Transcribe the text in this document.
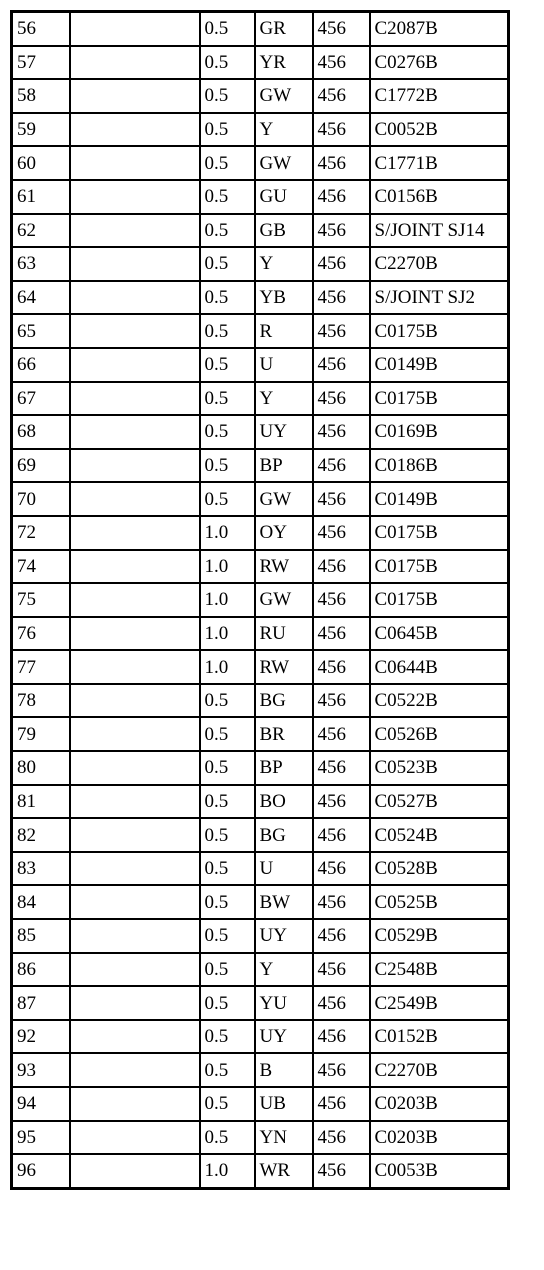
56		0.5	GR	456	C2087B
57		0.5	YR	456	C0276B
58		0.5	GW	456	C1772B
59		0.5	Y	456	C0052B
60		0.5	GW	456	C1771B
61		0.5	GU	456	C0156B
62		0.5	GB	456	S/JOINT SJ14
63		0.5	Y	456	C2270B
64		0.5	YB	456	S/JOINT SJ2
65		0.5	R	456	C0175B
66		0.5	U	456	C0149B
67		0.5	Y	456	C0175B
68		0.5	UY	456	C0169B
69		0.5	BP	456	C0186B
70		0.5	GW	456	C0149B
72		1.0	OY	456	C0175B
74		1.0	RW	456	C0175B
75		1.0	GW	456	C0175B
76		1.0	RU	456	C0645B
77		1.0	RW	456	C0644B
78		0.5	BG	456	C0522B
79		0.5	BR	456	C0526B
80		0.5	BP	456	C0523B
81		0.5	BO	456	C0527B
82		0.5	BG	456	C0524B
83		0.5	U	456	C0528B
84		0.5	BW	456	C0525B
85		0.5	UY	456	C0529B
86		0.5	Y	456	C2548B
87		0.5	YU	456	C2549B
92		0.5	UY	456	C0152B
93		0.5	B	456	C2270B
94		0.5	UB	456	C0203B
95		0.5	YN	456	C0203B
96		1.0	WR	456	C0053B
